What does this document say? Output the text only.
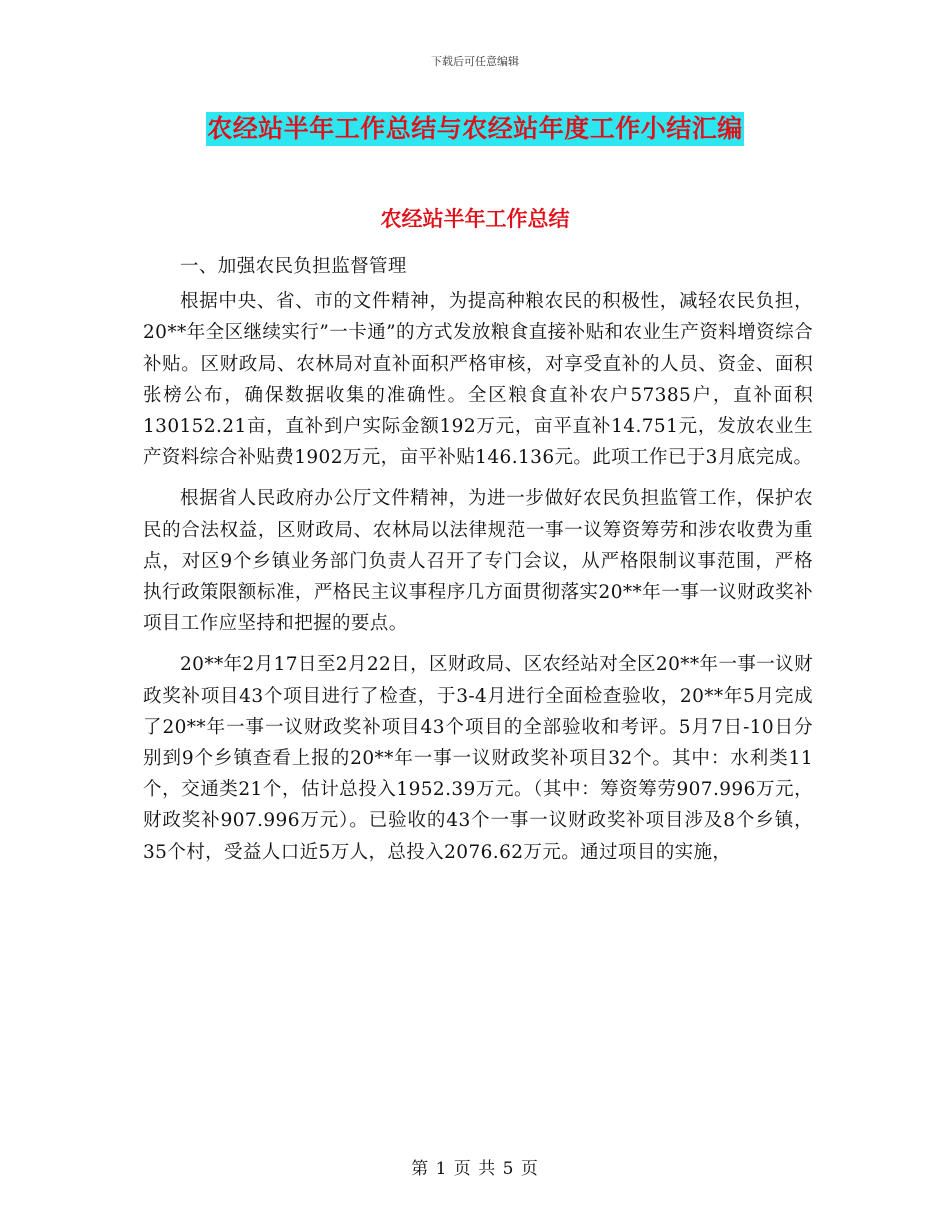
下载后可任意编辑
农经站半年工作总结与农经站年度工作小结汇编
农经站半年工作总结

一、加强农民负担监督管理

根据中央、省、市的文件精神，为提高种粮农民的积极性，减轻农民负担，20**年全区继续实行”一卡通”的方式发放粮食直接补贴和农业生产资料增资综合补贴。区财政局、农林局对直补面积严格审核，对享受直补的人员、资金、面积张榜公布，确保数据收集的准确性。全区粮食直补农户57385户，直补面积130152.21亩，直补到户实际金额192万元，亩平直补14.751元，发放农业生产资料综合补贴费1902万元，亩平补贴146.136元。此项工作已于3月底完成。

根据省人民政府办公厅文件精神，为进一步做好农民负担监管工作，保护农民的合法权益，区财政局、农林局以法律规范一事一议筹资筹劳和涉农收费为重点，对区9个乡镇业务部门负责人召开了专门会议，从严格限制议事范围，严格执行政策限额标准，严格民主议事程序几方面贯彻落实20**年一事一议财政奖补项目工作应坚持和把握的要点。

20**年2月17日至2月22日，区财政局、区农经站对全区20**年一事一议财政奖补项目43个项目进行了检查，于3-4月进行全面检查验收，20**年5月完成了20**年一事一议财政奖补项目43个项目的全部验收和考评。5月7日-10日分别到9个乡镇查看上报的20**年一事一议财政奖补项目32个。其中：水利类11个，交通类21个，估计总投入1952.39万元。（其中：筹资筹劳907.996万元，财政奖补907.996万元）。已验收的43个一事一议财政奖补项目涉及8个乡镇，35个村，受益人口近5万人，总投入2076.62万元。通过项目的实施，

第 1 页 共 5 页
